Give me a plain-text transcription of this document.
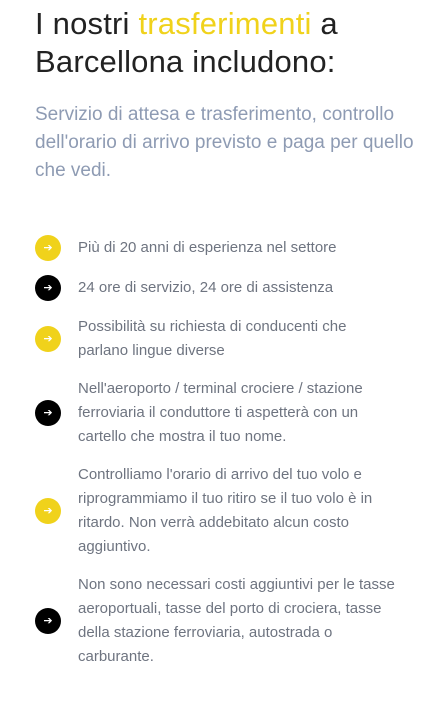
I nostri trasferimenti a Barcellona includono:

Servizio di attesa e trasferimento, controllo dell'orario di arrivo previsto e paga per quello che vedi.

➔	Più di 20 anni di esperienza nel settore
➔	24 ore di servizio, 24 ore di assistenza
➔
Possibilità su richiesta di conducenti che parlano lingue diverse
➔
Nell'aeroporto / terminal crociere / stazione ferroviaria il conduttore ti aspetterà con un cartello che mostra il tuo nome.
➔
Controlliamo l'orario di arrivo del tuo volo e riprogrammiamo il tuo ritiro se il tuo volo è in ritardo. Non verrà addebitato alcun costo aggiuntivo.
➔
Non sono necessari costi aggiuntivi per le tasse aeroportuali, tasse del porto di crociera, tasse della stazione ferroviaria, autostrada o carburante.
